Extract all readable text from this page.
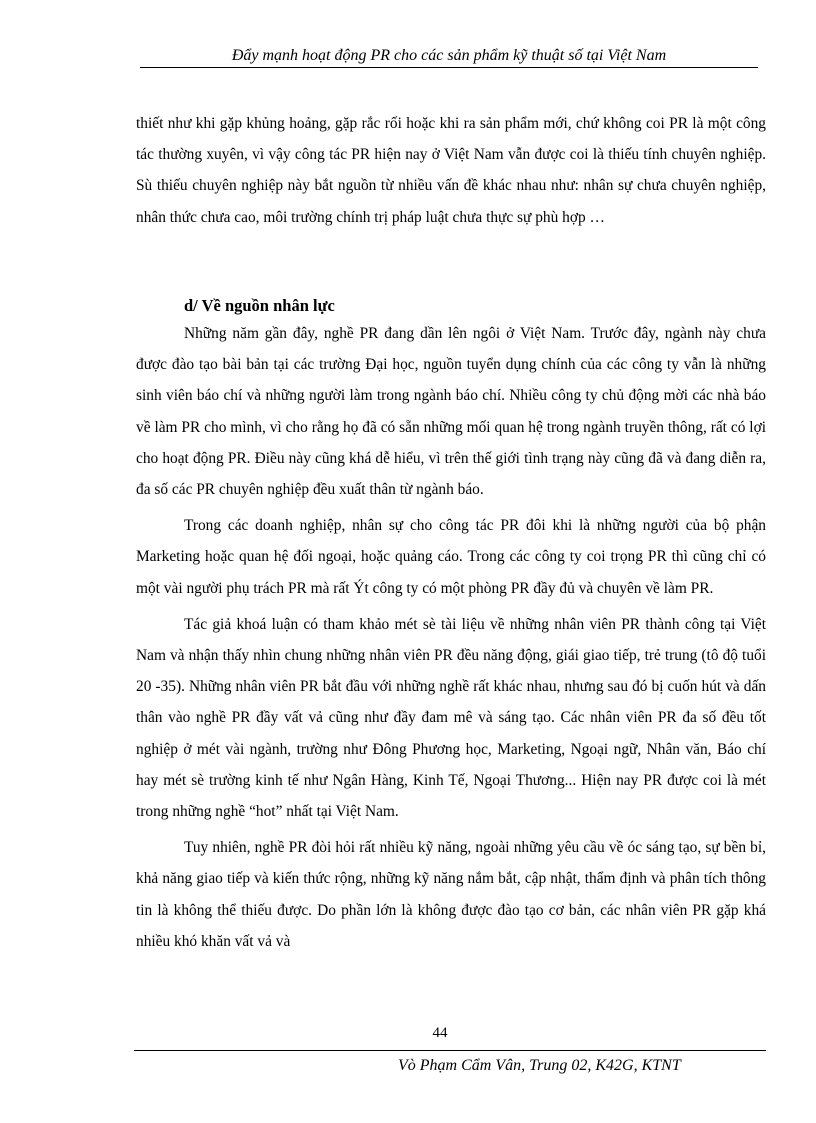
Đẩy mạnh hoạt động PR cho các sản phẩm kỹ thuật số tại Việt Nam

thiết như khi gặp khủng hoảng, gặp rắc rối hoặc khi ra sản phẩm mới, chứ không coi PR là một công tác thường xuyên, vì vậy công tác PR hiện nay ở Việt Nam vẫn được coi là thiếu tính chuyên nghiệp. Sù thiếu chuyên nghiệp này bắt nguồn từ nhiều vấn đề khác nhau như: nhân sự chưa chuyên nghiệp, nhân thức chưa cao, môi trường chính trị pháp luật chưa thực sự phù hợp …

d/ Về nguồn nhân lực

Những năm gần đây, nghề PR đang dần lên ngôi ở Việt Nam. Trước đây, ngành này chưa được đào tạo bài bản tại các trường Đại học, nguồn tuyển dụng chính của các công ty vẫn là những sinh viên báo chí và những người làm trong ngành báo chí. Nhiều công ty chủ động mời các nhà báo về làm PR cho mình, vì cho rằng họ đã có sẵn những mối quan hệ trong ngành truyền thông, rất có lợi cho hoạt động PR. Điều này cũng khá dễ hiểu, vì trên thế giới tình trạng này cũng đã và đang diễn ra, đa số các PR chuyên nghiệp đều xuất thân từ ngành báo.

Trong các doanh nghiệp, nhân sự cho công tác PR đôi khi là những người của bộ phận Marketing hoặc quan hệ đối ngoại, hoặc quảng cáo. Trong các công ty coi trọng PR thì cũng chỉ có một vài người phụ trách PR mà rất Ýt công ty có một phòng PR đầy đủ và chuyên về làm PR.

Tác giả khoá luận có tham khảo mét sè tài liệu về những nhân viên PR thành công tại Việt Nam và nhận thấy nhìn chung những nhân viên PR đều năng động, giái giao tiếp, trẻ trung (tô độ tuổi 20 -35). Những nhân viên PR bắt đầu với những nghề rất khác nhau, nhưng sau đó bị cuốn hút và dấn thân vào nghề PR đầy vất vả cũng như đầy đam mê và sáng tạo. Các nhân viên PR đa số đều tốt nghiệp ở mét vài ngành, trường như Đông Phương học, Marketing, Ngoại ngữ, Nhân văn, Báo chí hay mét sè trường kinh tế như Ngân Hàng, Kinh Tế, Ngoại Thương... Hiện nay PR được coi là mét trong những nghề “hot” nhất tại Việt Nam.

Tuy nhiên, nghề PR đòi hỏi rất nhiều kỹ năng, ngoài những yêu cầu về óc sáng tạo, sự bền bỉ, khả năng giao tiếp và kiến thức rộng, những kỹ năng nắm bắt, cập nhật, thẩm định và phân tích thông tin là không thể thiếu được. Do phần lớn là không được đào tạo cơ bản, các nhân viên PR gặp khá nhiều khó khăn vất vả và

44
Vò Phạm Cẩm Vân, Trung 02, K42G, KTNT
